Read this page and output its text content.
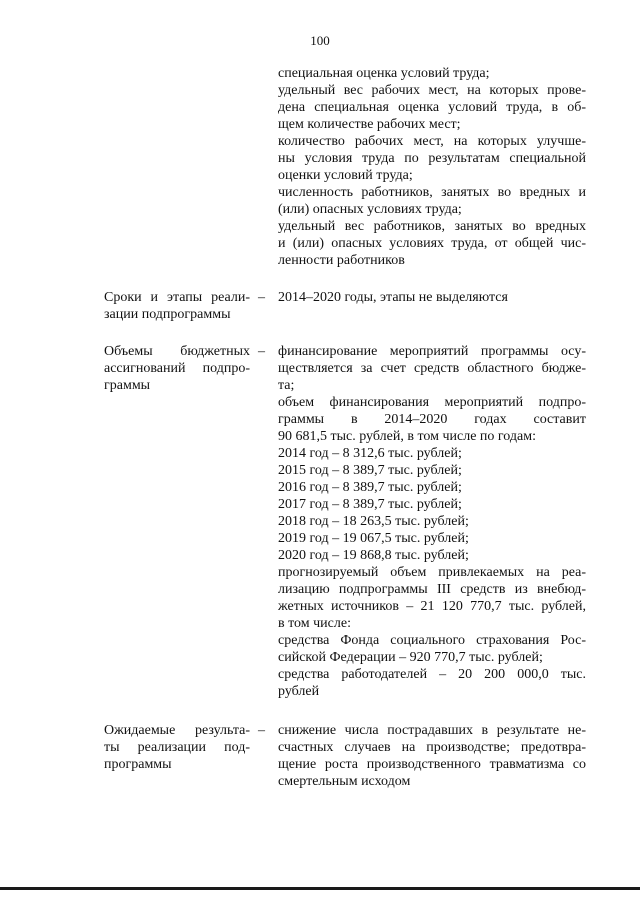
100
специальная оценка условий труда;
удельный вес рабочих мест, на которых прове-
дена специальная оценка условий труда, в об-
щем количестве рабочих мест;
количество рабочих мест, на которых улучше-
ны условия труда по результатам специальной
оценки условий труда;
численность работников, занятых во вредных и
(или) опасных условиях труда;
удельный вес работников, занятых во вредных
и (или) опасных условиях труда, от общей чис-
ленности работников
Сроки и этапы реали-
зации подпрограммы
– 2014–2020 годы, этапы не выделяются
Объемы бюджетных
ассигнований подпро-
граммы
– финансирование мероприятий программы осу-
ществляется за счет средств областного бюдже-
та;
объем финансирования мероприятий подпро-
граммы в 2014–2020 годах составит
90 681,5 тыс. рублей, в том числе по годам:
2014 год – 8 312,6 тыс. рублей;
2015 год – 8 389,7 тыс. рублей;
2016 год – 8 389,7 тыс. рублей;
2017 год – 8 389,7 тыс. рублей;
2018 год – 18 263,5 тыс. рублей;
2019 год – 19 067,5 тыс. рублей;
2020 год – 19 868,8 тыс. рублей;
прогнозируемый объем привлекаемых на реа-
лизацию подпрограммы III средств из внебюд-
жетных источников – 21 120 770,7 тыс. рублей,
в том числе:
средства Фонда социального страхования Рос-
сийской Федерации – 920 770,7 тыс. рублей;
средства работодателей – 20 200 000,0 тыс.
рублей
Ожидаемые результа-
ты реализации под-
программы
– снижение числа пострадавших в результате не-
счастных случаев на производстве; предотвра-
щение роста производственного травматизма со
смертельным исходом
